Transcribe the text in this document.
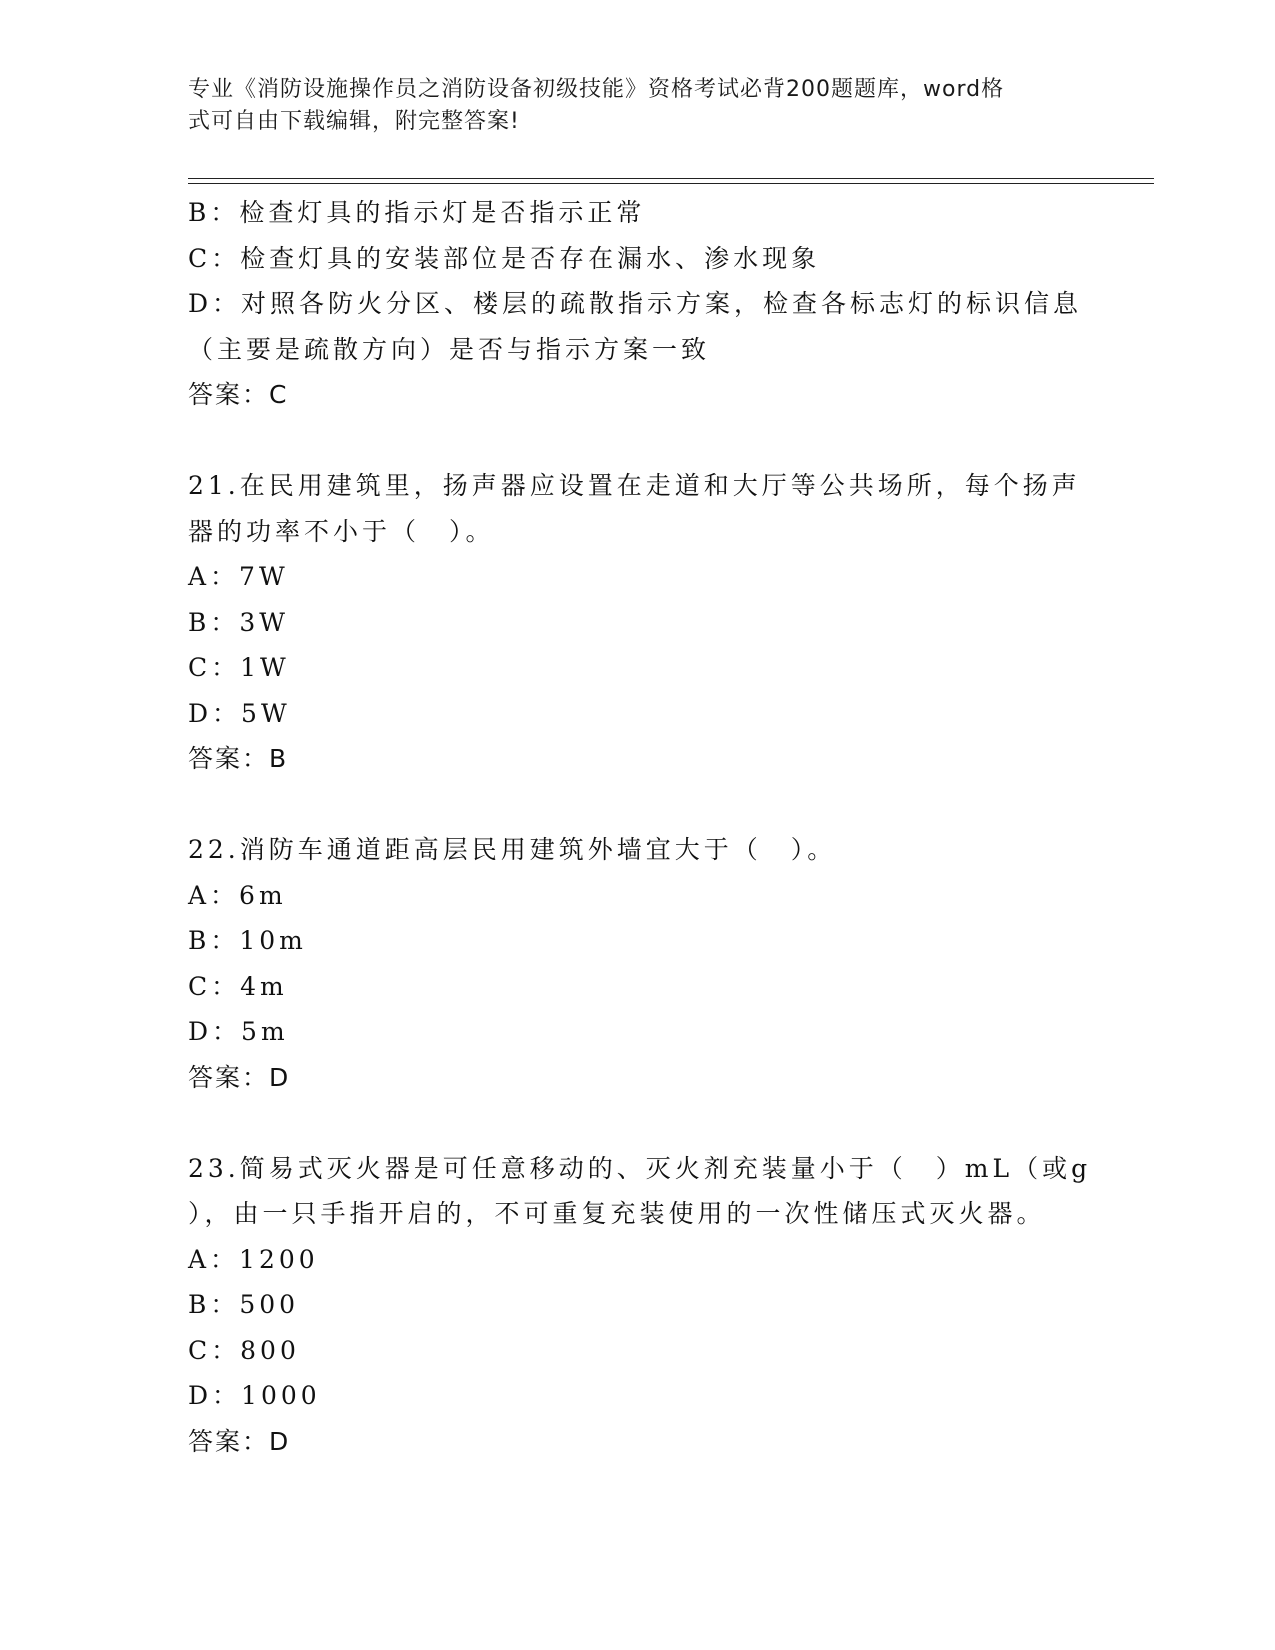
专业《消防设施操作员之消防设备初级技能》资格考试必背200题题库，word格
式可自由下载编辑，附完整答案!
B：检查灯具的指示灯是否指示正常
C：检查灯具的安装部位是否存在漏水、渗水现象
D：对照各防火分区、楼层的疏散指示方案，检查各标志灯的标识信息
（主要是疏散方向）是否与指示方案一致
答案：C
21.在民用建筑里，扬声器应设置在走道和大厅等公共场所，每个扬声
器的功率不小于（　）。
A：7W
B：3W
C：1W
D：5W
答案：B
22.消防车通道距高层民用建筑外墙宜大于（　）。
A：6m
B：10m
C：4m
D：5m
答案：D
23.简易式灭火器是可任意移动的、灭火剂充装量小于（　）mL（或g
），由一只手指开启的，不可重复充装使用的一次性储压式灭火器。
A：1200
B：500
C：800
D：1000
答案：D
